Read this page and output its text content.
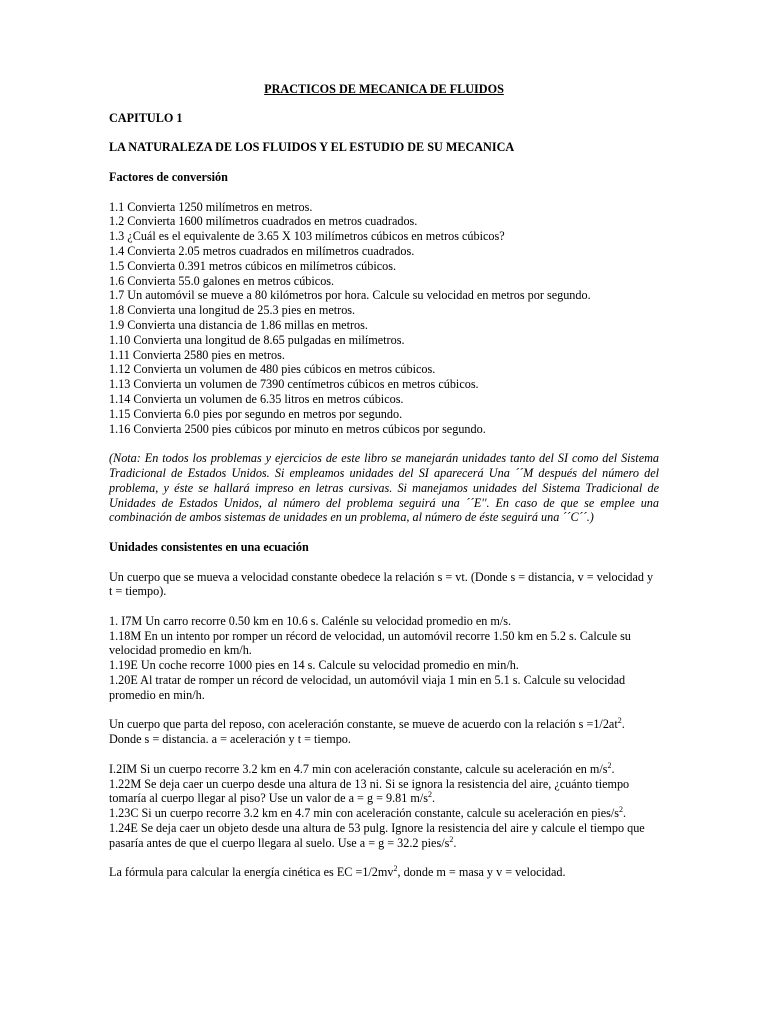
PRACTICOS DE MECANICA DE FLUIDOS

CAPITULO 1

LA NATURALEZA DE LOS FLUIDOS Y EL ESTUDIO DE SU MECANICA

Factores de conversión

1.1 Convierta 1250 milímetros en metros.
1.2 Convierta 1600 milímetros cuadrados en metros cuadrados.
1.3 ¿Cuál es el equivalente de 3.65 X 103 milímetros cúbicos en metros cúbicos?
1.4 Convierta 2.05 metros cuadrados en milímetros cuadrados.
1.5 Convierta 0.391 metros cúbicos en milímetros cúbicos.
1.6 Convierta 55.0 galones en metros cúbicos.
1.7 Un automóvil se mueve a 80 kilómetros por hora. Calcule su velocidad en metros por segundo.
1.8 Convierta una longitud de 25.3 pies en metros.
1.9 Convierta una distancia de 1.86 millas en metros.
1.10 Convierta una longitud de 8.65 pulgadas en milímetros.
1.11 Convierta 2580 pies en metros.
1.12 Convierta un volumen de 480 pies cúbicos en metros cúbicos.
1.13 Convierta un volumen de 7390 centímetros cúbicos en metros cúbicos.
1.14 Convierta un volumen de 6.35 litros en metros cúbicos.
1.15 Convierta 6.0 pies por segundo en metros por segundo.
1.16 Convierta 2500 pies cúbicos por minuto en metros cúbicos por segundo.

(Nota: En todos los problemas y ejercicios de este libro se manejarán unidades tanto del SI como del Sistema Tradicional de Estados Unidos. Si empleamos unidades del SI aparecerá Una ´´M después del número del problema, y éste se hallará impreso en letras cursivas. Si manejamos unidades del Sistema Tradicional de Unidades de Estados Unidos, al número del problema seguirá una ´´E''. En caso de que se emplee una combinación de ambos sistemas de unidades en un problema, al número de éste seguirá una ´´C´´.)

Unidades consistentes en una ecuación

Un cuerpo que se mueva a velocidad constante obedece la relación s = vt. (Donde s = distancia, v = velocidad y t = tiempo).

1. I7M Un carro recorre 0.50 km en 10.6 s. Calénle su velocidad promedio en m/s.

1.18M En un intento por romper un récord de velocidad, un automóvil recorre 1.50 km en 5.2 s. Calcule su velocidad promedio en km/h.

1.19E Un coche recorre 1000 pies en 14 s. Calcule su velocidad promedio en min/h.

1.20E Al tratar de romper un récord de velocidad, un automóvil viaja 1 min en 5.1 s. Calcule su velocidad promedio en min/h.

Un cuerpo que parta del reposo, con aceleración constante, se mueve de acuerdo con la relación $s =1/2at^2$. Donde s = distancia. a = aceleración y t = tiempo.

I.2IM Si un cuerpo recorre 3.2 km en 4.7 min con aceleración constante, calcule su aceleración en $m/s^2$.

1.22M Se deja caer un cuerpo desde una altura de 13 ni. Si se ignora la resistencia del aire, ¿cuánto tiempo tomaría al cuerpo llegar al piso? Use un valor de a = g = 9.81 $m/s^2$.

1.23C Si un cuerpo recorre 3.2 km en 4.7 min con aceleración constante, calcule su aceleración en pies/$s^2$.

1.24E Se deja caer un objeto desde una altura de 53 pulg. Ignore la resistencia del aire y calcule el tiempo que pasaría antes de que el cuerpo llegara al suelo. Use a = g = 32.2 pies/$s^2$.

La fórmula para calcular la energía cinética es EC $=1/2mv^2$, donde m = masa y v = velocidad.
